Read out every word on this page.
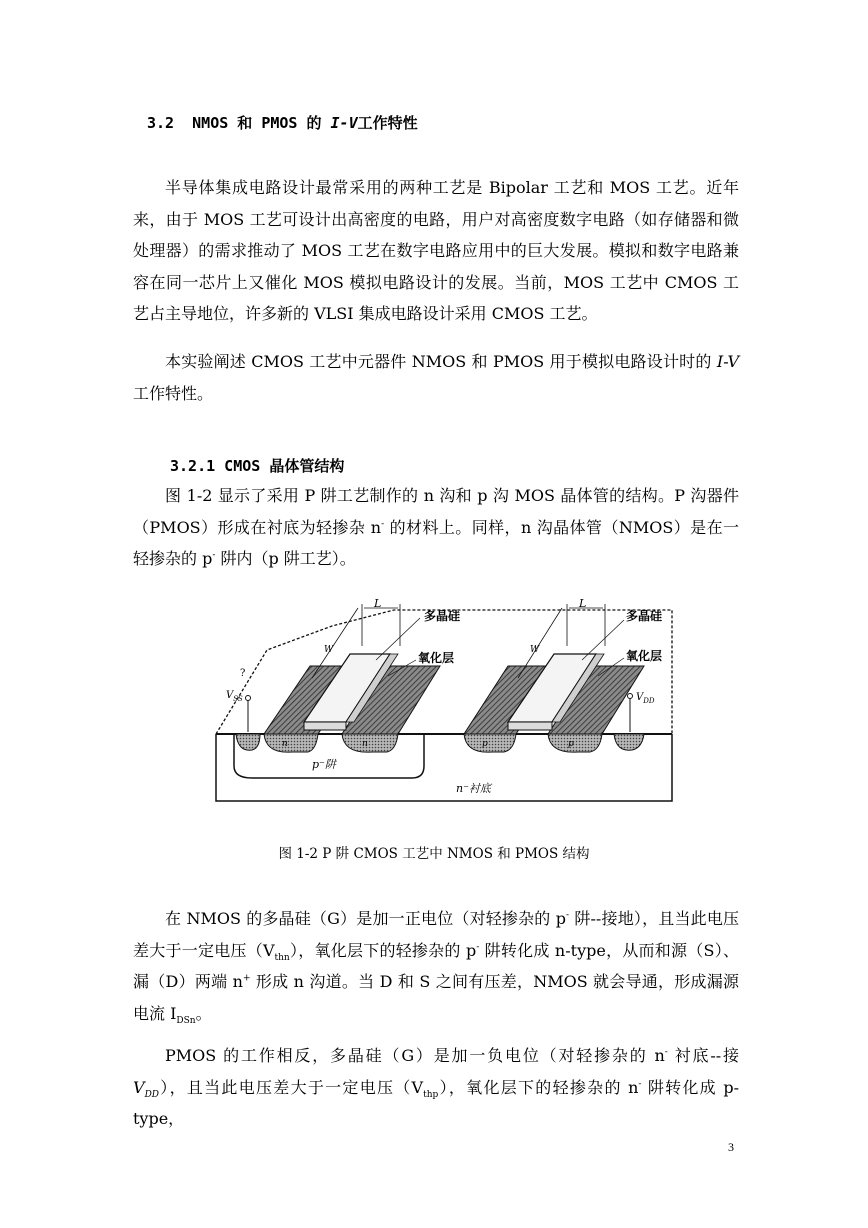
3.2 NMOS 和 PMOS 的 I-V工作特性

半导体集成电路设计最常采用的两种工艺是 Bipolar 工艺和 MOS 工艺。近年来，由于 MOS 工艺可设计出高密度的电路，用户对高密度数字电路（如存储器和微处理器）的需求推动了 MOS 工艺在数字电路应用中的巨大发展。模拟和数字电路兼容在同一芯片上又催化 MOS 模拟电路设计的发展。当前，MOS 工艺中 CMOS 工艺占主导地位，许多新的 VLSI 集成电路设计采用 CMOS 工艺。

本实验阐述 CMOS 工艺中元器件 NMOS 和 PMOS 用于模拟电路设计时的 I-V 工作特性。

3.2.1 CMOS 晶体管结构

图 1-2 显示了采用 P 阱工艺制作的 n 沟和 p 沟 MOS 晶体管的结构。P 沟器件（PMOS）形成在衬底为轻掺杂 n- 的材料上。同样，n 沟晶体管（NMOS）是在一轻掺杂的 p- 阱内（p 阱工艺）。

L	L
W	W
多晶硅	多晶硅
氧化层	氧化层
$V_{SS}$	$V_{DD}$
?
n	n	p	p
p⁻阱
n⁻衬底
图 1-2 P 阱 CMOS 工艺中 NMOS 和 PMOS 结构

在 NMOS 的多晶硅（G）是加一正电位（对轻掺杂的 p- 阱--接地），且当此电压差大于一定电压$(V_{thn})$，氧化层下的轻掺杂的 p- 阱转化成 n-type，从而和源（S）、漏（D）两端 n+ 形成 n 沟道。当 D 和 S 之间有压差，NMOS 就会导通，形成漏源电流 $I_{DSn}$。

PMOS 的工作相反，多晶硅（G）是加一负电位（对轻掺杂的 n- 衬底--接 $V_{DD}$），且当此电压差大于一定电压$(V_{thp})$，氧化层下的轻掺杂的 n- 阱转化成 p-type，

3
